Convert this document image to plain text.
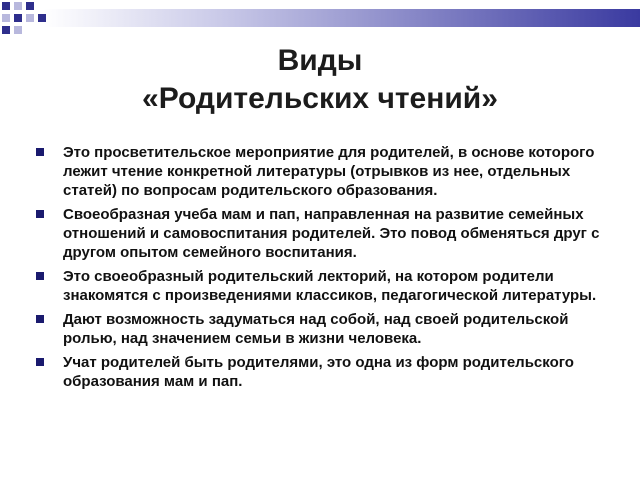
Виды
«Родительских чтений»
Это просветительское мероприятие для родителей, в основе которого лежит чтение конкретной литературы (отрывков из нее, отдельных статей) по вопросам родительского образования.
Своеобразная учеба мам и пап, направленная на развитие семейных отношений и самовоспитания родителей. Это повод обменяться друг с другом опытом семейного воспитания.
Это своеобразный родительский лекторий, на котором родители знакомятся с произведениями классиков, педагогической литературы.
Дают возможность задуматься над собой, над своей родительской ролью, над значением семьи в жизни человека.
Учат родителей быть родителями, это одна из форм родительского образования мам и пап.
